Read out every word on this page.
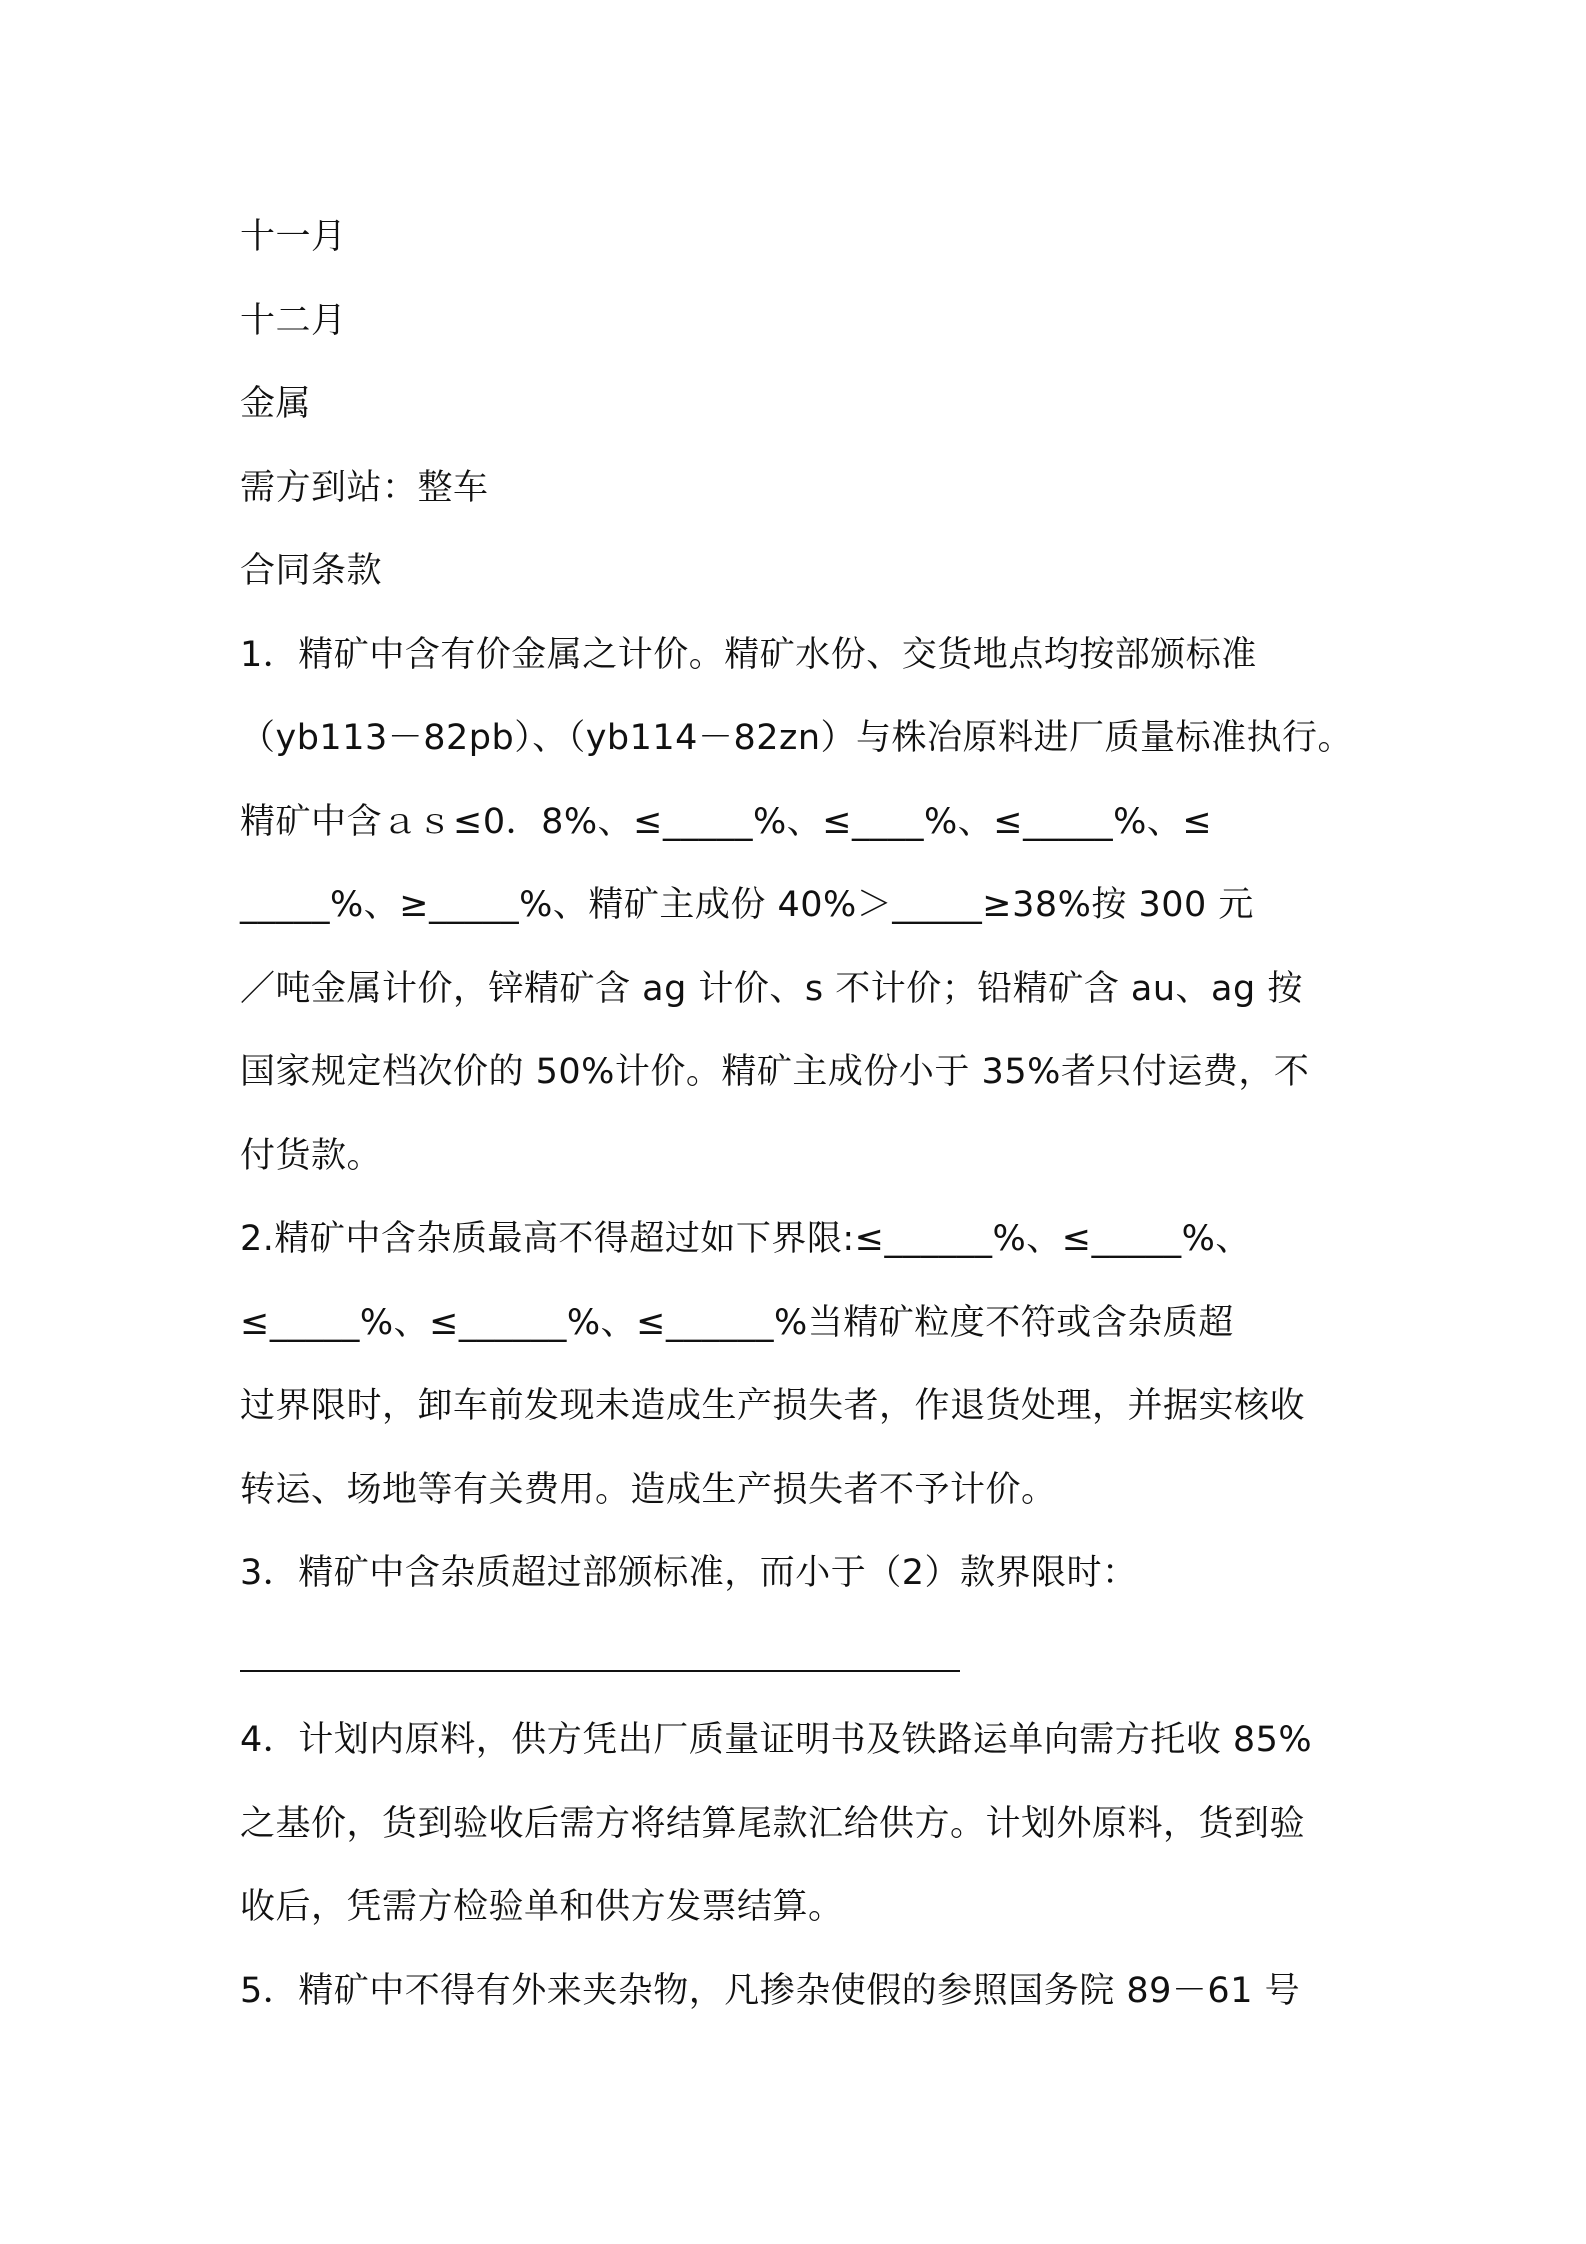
十一月
十二月
金属
需方到站：整车
合同条款
1．精矿中含有价金属之计价。精矿水份、交货地点均按部颁标准
（yb113－82pb）、（yb114－82zn）与株冶原料进厂质量标准执行。
精矿中含ａｓ≤0．8%、≤_____%、≤____%、≤_____%、≤
_____%、≥_____%、精矿主成份 40%＞_____≥38%按 300 元
／吨金属计价，锌精矿含 ag 计价、s 不计价；铅精矿含 au、ag 按
国家规定档次价的 50%计价。精矿主成份小于 35%者只付运费，不
付货款。
2.精矿中含杂质最高不得超过如下界限:≤______%、≤_____%、
≤_____%、≤______%、≤______%当精矿粒度不符或含杂质超
过界限时，卸车前发现未造成生产损失者，作退货处理，并据实核收
转运、场地等有关费用。造成生产损失者不予计价。
3．精矿中含杂质超过部颁标准，而小于（2）款界限时：
4．计划内原料，供方凭出厂质量证明书及铁路运单向需方托收 85%
之基价，货到验收后需方将结算尾款汇给供方。计划外原料，货到验
收后，凭需方检验单和供方发票结算。
5．精矿中不得有外来夹杂物，凡掺杂使假的参照国务院 89－61 号
